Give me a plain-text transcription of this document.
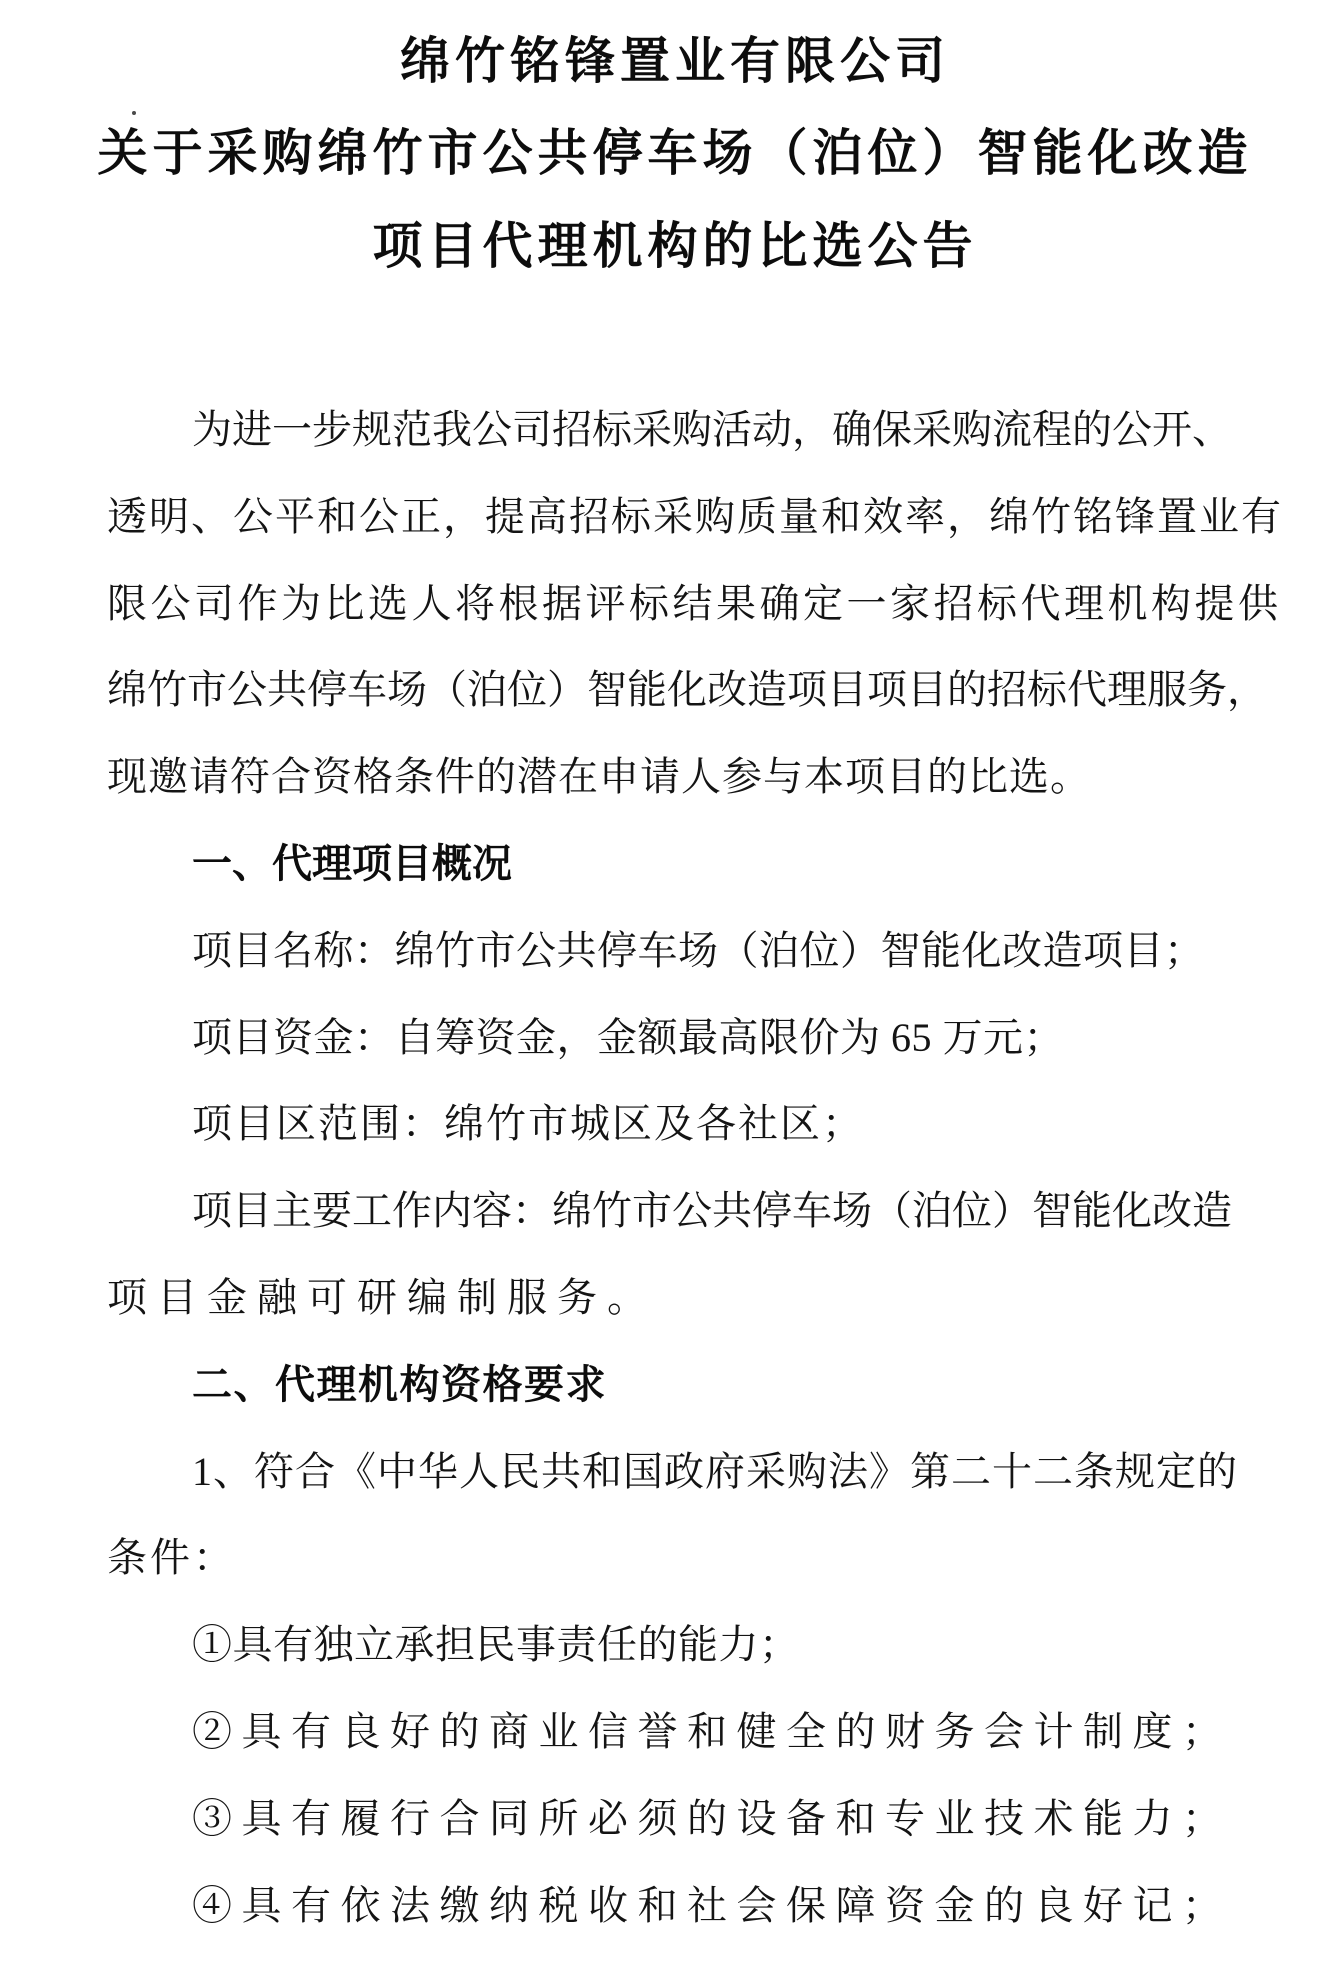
绵竹铭锋置业有限公司
关于采购绵竹市公共停车场（泊位）智能化改造
项目代理机构的比选公告
为进一步规范我公司招标采购活动，确保采购流程的公开、
透明、公平和公正，提高招标采购质量和效率，绵竹铭锋置业有
限公司作为比选人将根据评标结果确定一家招标代理机构提供
绵竹市公共停车场（泊位）智能化改造项目项目的招标代理服务，
现邀请符合资格条件的潜在申请人参与本项目的比选。
一、代理项目概况
项目名称：绵竹市公共停车场（泊位）智能化改造项目；
项目资金：自筹资金，金额最高限价为 65 万元；
项目区范围：绵竹市城区及各社区；
项目主要工作内容：绵竹市公共停车场（泊位）智能化改造
项目金融可研编制服务。
二、代理机构资格要求
1、符合《中华人民共和国政府采购法》第二十二条规定的
条件：
①具有独立承担民事责任的能力；
②具有良好的商业信誉和健全的财务会计制度；
③具有履行合同所必须的设备和专业技术能力；
④具有依法缴纳税收和社会保障资金的良好记；
